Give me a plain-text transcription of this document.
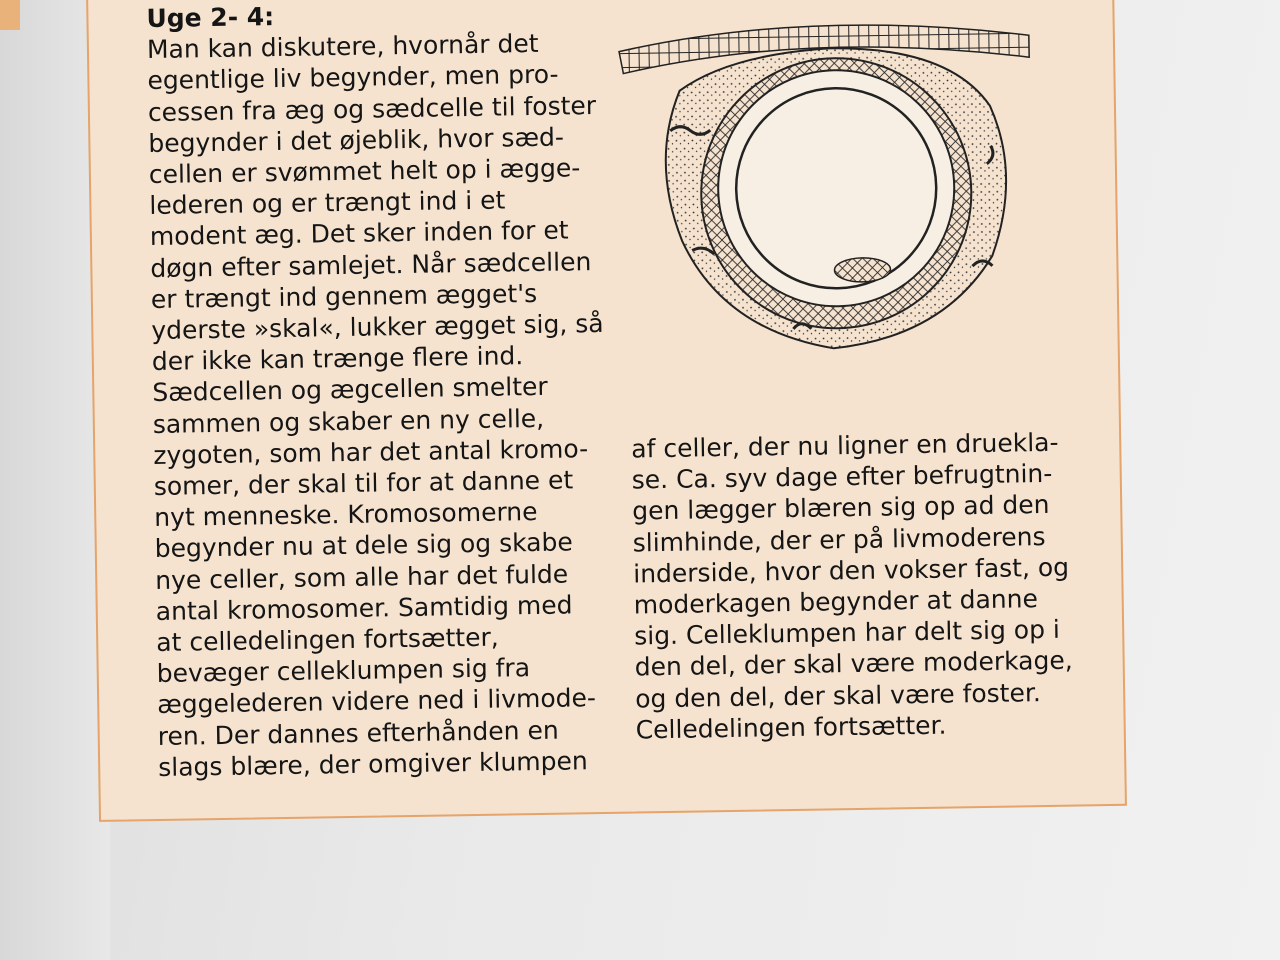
Uge 2- 4:
Man kan diskutere, hvornår det
egentlige liv begynder, men pro-
cessen fra æg og sædcelle til foster
begynder i det øjeblik, hvor sæd-
cellen er svømmet helt op i ægge-
lederen og er trængt ind i et
modent æg. Det sker inden for et
døgn efter samlejet. Når sædcellen
er trængt ind gennem ægget's
yderste »skal«, lukker ægget sig, så
der ikke kan trænge flere ind.
Sædcellen og ægcellen smelter
sammen og skaber en ny celle,
zygoten, som har det antal kromo-
somer, der skal til for at danne et
nyt menneske. Kromosomerne
begynder nu at dele sig og skabe
nye celler, som alle har det fulde
antal kromosomer. Samtidig med
at celledelingen fortsætter,
bevæger celleklumpen sig fra
æggelederen videre ned i livmode-
ren. Der dannes efterhånden en
slags blære, der omgiver klumpen
af celler, der nu ligner en druekla-
se. Ca. syv dage efter befrugtnin-
gen lægger blæren sig op ad den
slimhinde, der er på livmoderens
inderside, hvor den vokser fast, og
moderkagen begynder at danne
sig. Celleklumpen har delt sig op i
den del, der skal være moderkage,
og den del, der skal være foster.
Celledelingen fortsætter.
